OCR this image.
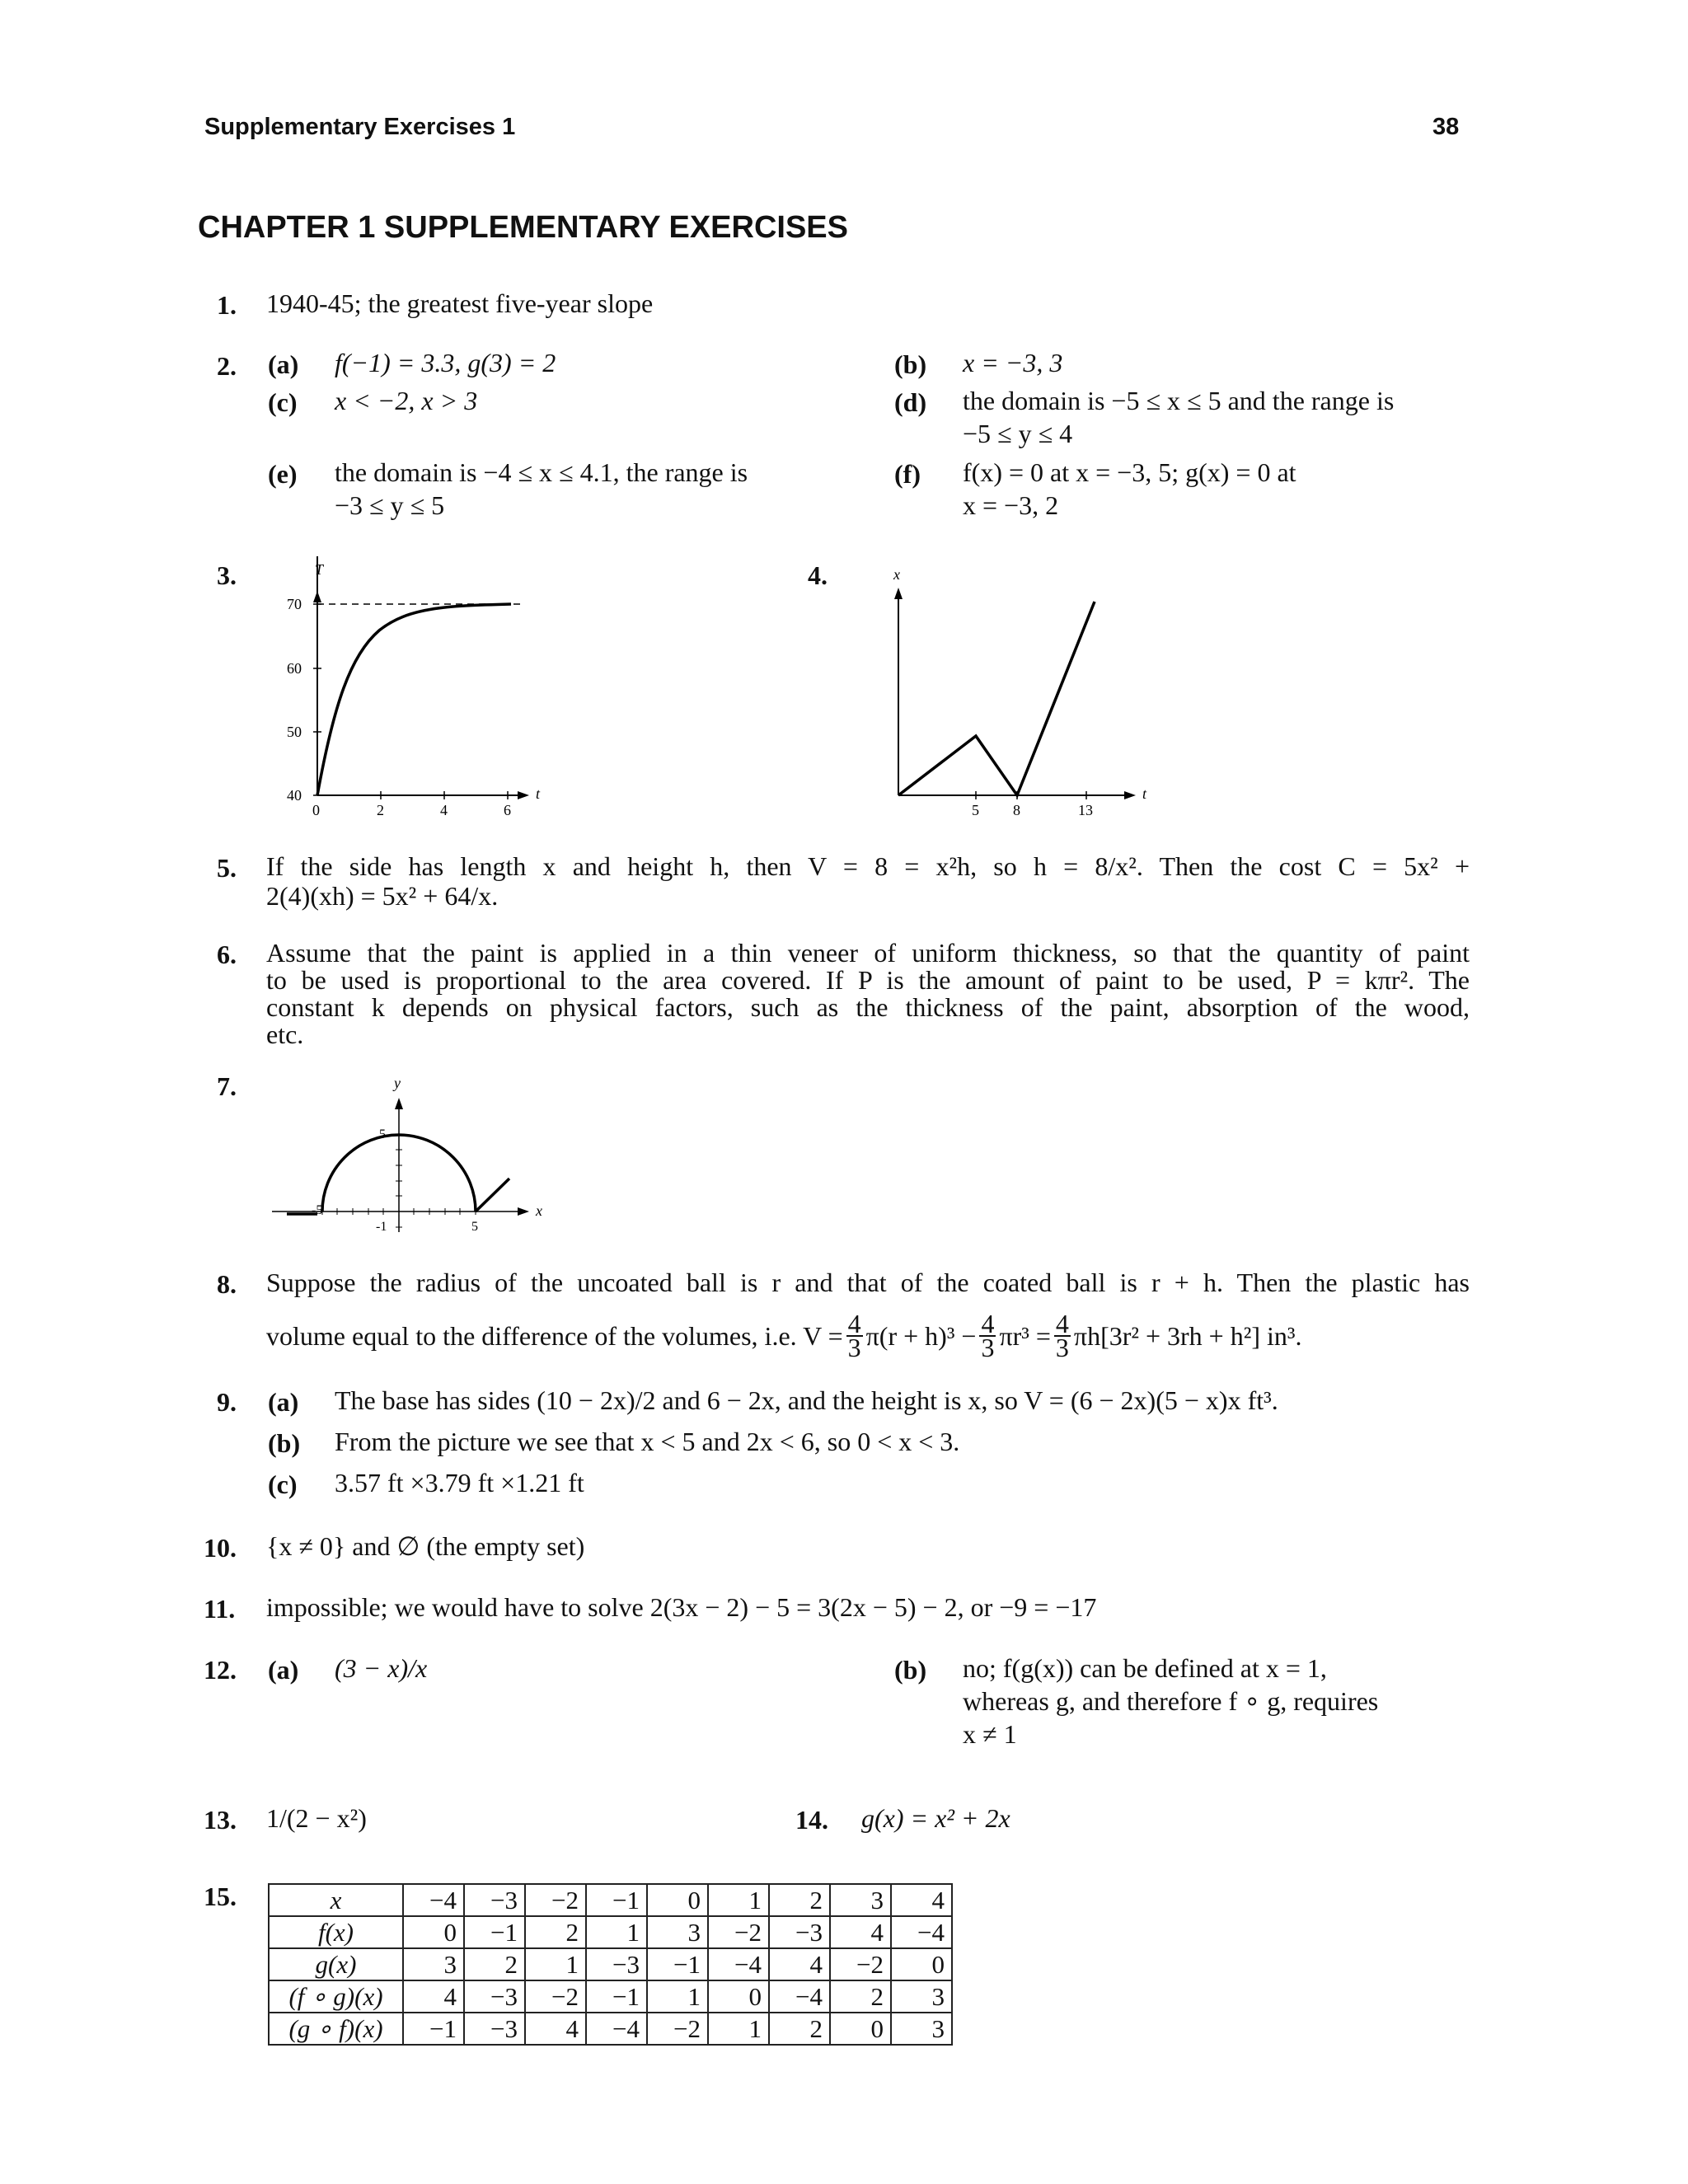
Supplementary Exercises 1	38
CHAPTER 1 SUPPLEMENTARY EXERCISES
1. 1940-45; the greatest five-year slope
2. (a) f(−1) = 3.3, g(3) = 2
(c) x < −2, x > 3
(e) the domain is −4 ≤ x ≤ 4.1, the range is
−3 ≤ y ≤ 5
(b) x = −3, 3
(d) the domain is −5 ≤ x ≤ 5 and the range is
−5 ≤ y ≤ 4
(f) f(x) = 0 at x = −3, 5; g(x) = 0 at
x = −3, 2
3.	T
t
70
60
50
40
0	2	4	6
4.	x
t
5 8	13
5. If the side has length x and height h, then V = 8 = x²h, so h = 8/x². Then the cost C = 5x² +
2(4)(xh) = 5x² + 64/x.
6. Assume that the paint is applied in a thin veneer of uniform thickness, so that the quantity of paint
to be used is proportional to the area covered. If P is the amount of paint to be used, P = kπr². The
constant k depends on physical factors, such as the thickness of the paint, absorption of the wood,
etc.
7.	y
x
5
-5
-1	5
8. Suppose the radius of the uncoated ball is r and that of the coated ball is r + h. Then the plastic has
volume equal to the difference of the volumes, i.e. $V = \frac{4}{3} \pi(r + h)^3 - \frac{4}{3} \pi r^3 = \frac{4}{3} \pi h[3r^2 + 3rh + h^2]$ in³.
9. (a) The base has sides (10 − 2x)/2 and 6 − 2x, and the height is x, so V = (6 − 2x)(5 − x)x ft³.
(b) From the picture we see that x < 5 and 2x < 6, so 0 < x < 3.
(c) 3.57 ft ×3.79 ft ×1.21 ft
10. {x ≠ 0} and ∅ (the empty set)
11. impossible; we would have to solve 2(3x − 2) − 5 = 3(2x − 5) − 2, or −9 = −17
12. (a) (3 − x)/x	(b) no; f(g(x)) can be defined at x = 1,
whereas g, and therefore f ∘ g, requires
x ≠ 1
13. 1/(2 − x²)	14. g(x) = x² + 2x
15.	x	−4	−3	−2	−1	0	1	2	3	4
f(x)	0	−1	2	1	3	−2	−3	4	−4
g(x)	3	2	1	−3	−1	−4	4	−2	0
(f ∘ g)(x)	4	−3	−2	−1	1	0	−4	2	3
(g ∘ f)(x)	−1	−3	4	−4	−2	1	2	0	3
